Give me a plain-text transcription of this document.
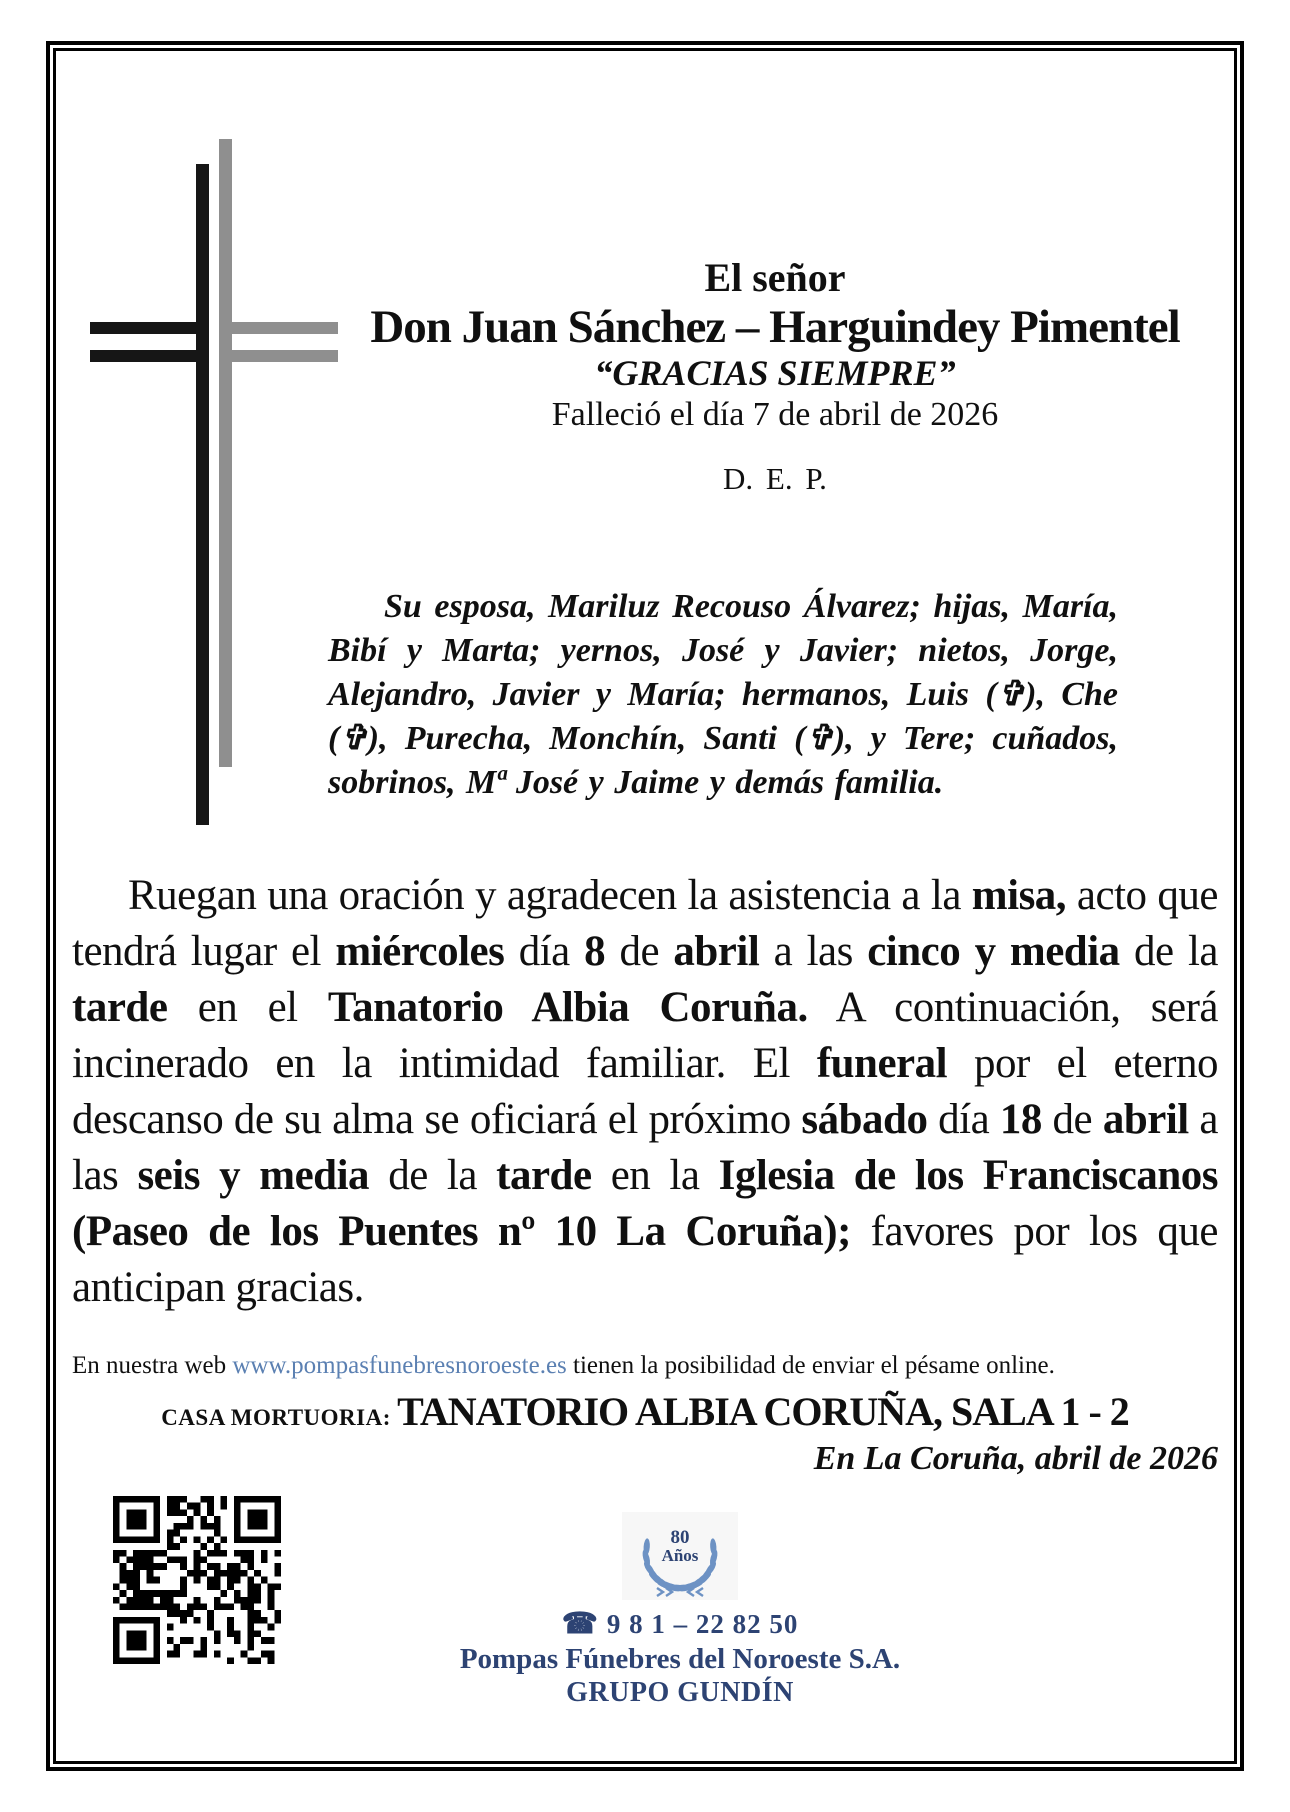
El señor
Don Juan Sánchez – Harguindey Pimentel
“GRACIAS SIEMPRE”
Falleció el día 7 de abril de 2026
D. E. P.
Su esposa, Mariluz Recouso Álvarez; hijas, María, Bibí y Marta; yernos, José y Javier; nietos, Jorge, Alejandro, Javier y María; hermanos, Luis (✞), Che (✞), Purecha, Monchín, Santi (✞), y Tere; cuñados, sobrinos, Mª José y Jaime y demás familia.
Ruegan una oración y agradecen la asistencia a la misa, acto que tendrá lugar el miércoles día 8 de abril a las cinco y media de la tarde en el Tanatorio Albia Coruña. A continuación, será incinerado en la intimidad familiar. El funeral por el eterno descanso de su alma se oficiará el próximo sábado día 18 de abril a las seis y media de la tarde en la Iglesia de los Franciscanos (Paseo de los Puentes nº 10 La Coruña); favores por los que anticipan gracias.
En nuestra web www.pompasfunebresnoroeste.es tienen la posibilidad de enviar el pésame online.
CASA MORTUORIA: TANATORIO ALBIA CORUÑA, SALA 1 - 2
En La Coruña, abril de 2026
80
Años
☎ 9 8 1 – 22 82 50
Pompas Fúnebres del Noroeste S.A.
GRUPO GUNDÍN
